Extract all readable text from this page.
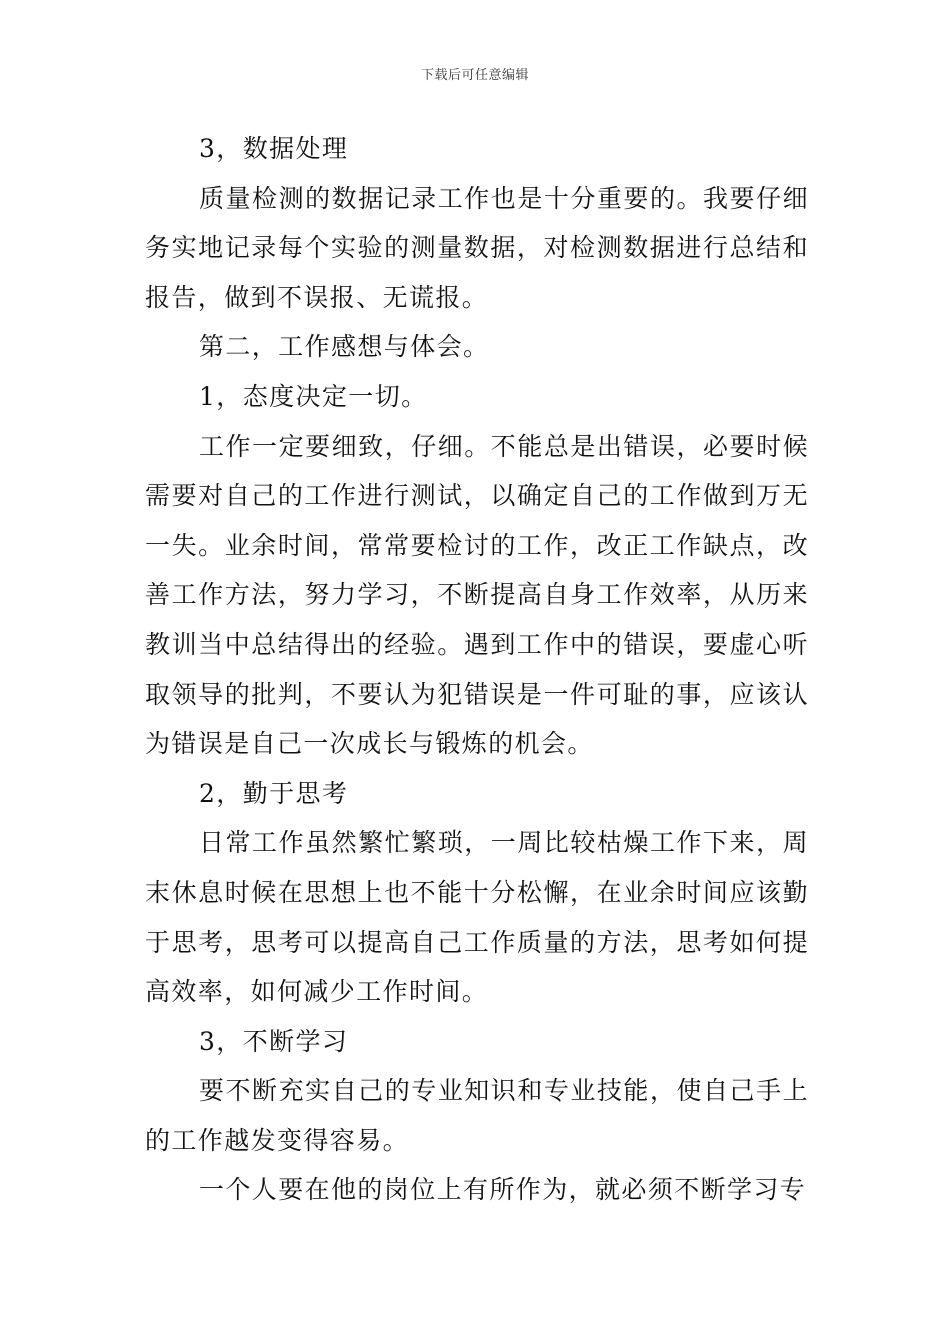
下载后可任意编辑

3，数据处理

质量检测的数据记录工作也是十分重要的。我要仔细务实地记录每个实验的测量数据，对检测数据进行总结和报告，做到不误报、无谎报。

第二，工作感想与体会。

1，态度决定一切。

工作一定要细致，仔细。不能总是出错误，必要时候需要对自己的工作进行测试，以确定自己的工作做到万无一失。业余时间，常常要检讨的工作，改正工作缺点，改善工作方法，努力学习，不断提高自身工作效率，从历来教训当中总结得出的经验。遇到工作中的错误，要虚心听取领导的批判，不要认为犯错误是一件可耻的事，应该认为错误是自己一次成长与锻炼的机会。

2，勤于思考

日常工作虽然繁忙繁琐，一周比较枯燥工作下来，周末休息时候在思想上也不能十分松懈，在业余时间应该勤于思考，思考可以提高自己工作质量的方法，思考如何提高效率，如何减少工作时间。

3，不断学习

要不断充实自己的专业知识和专业技能，使自己手上的工作越发变得容易。

一个人要在他的岗位上有所作为，就必须不断学习专
